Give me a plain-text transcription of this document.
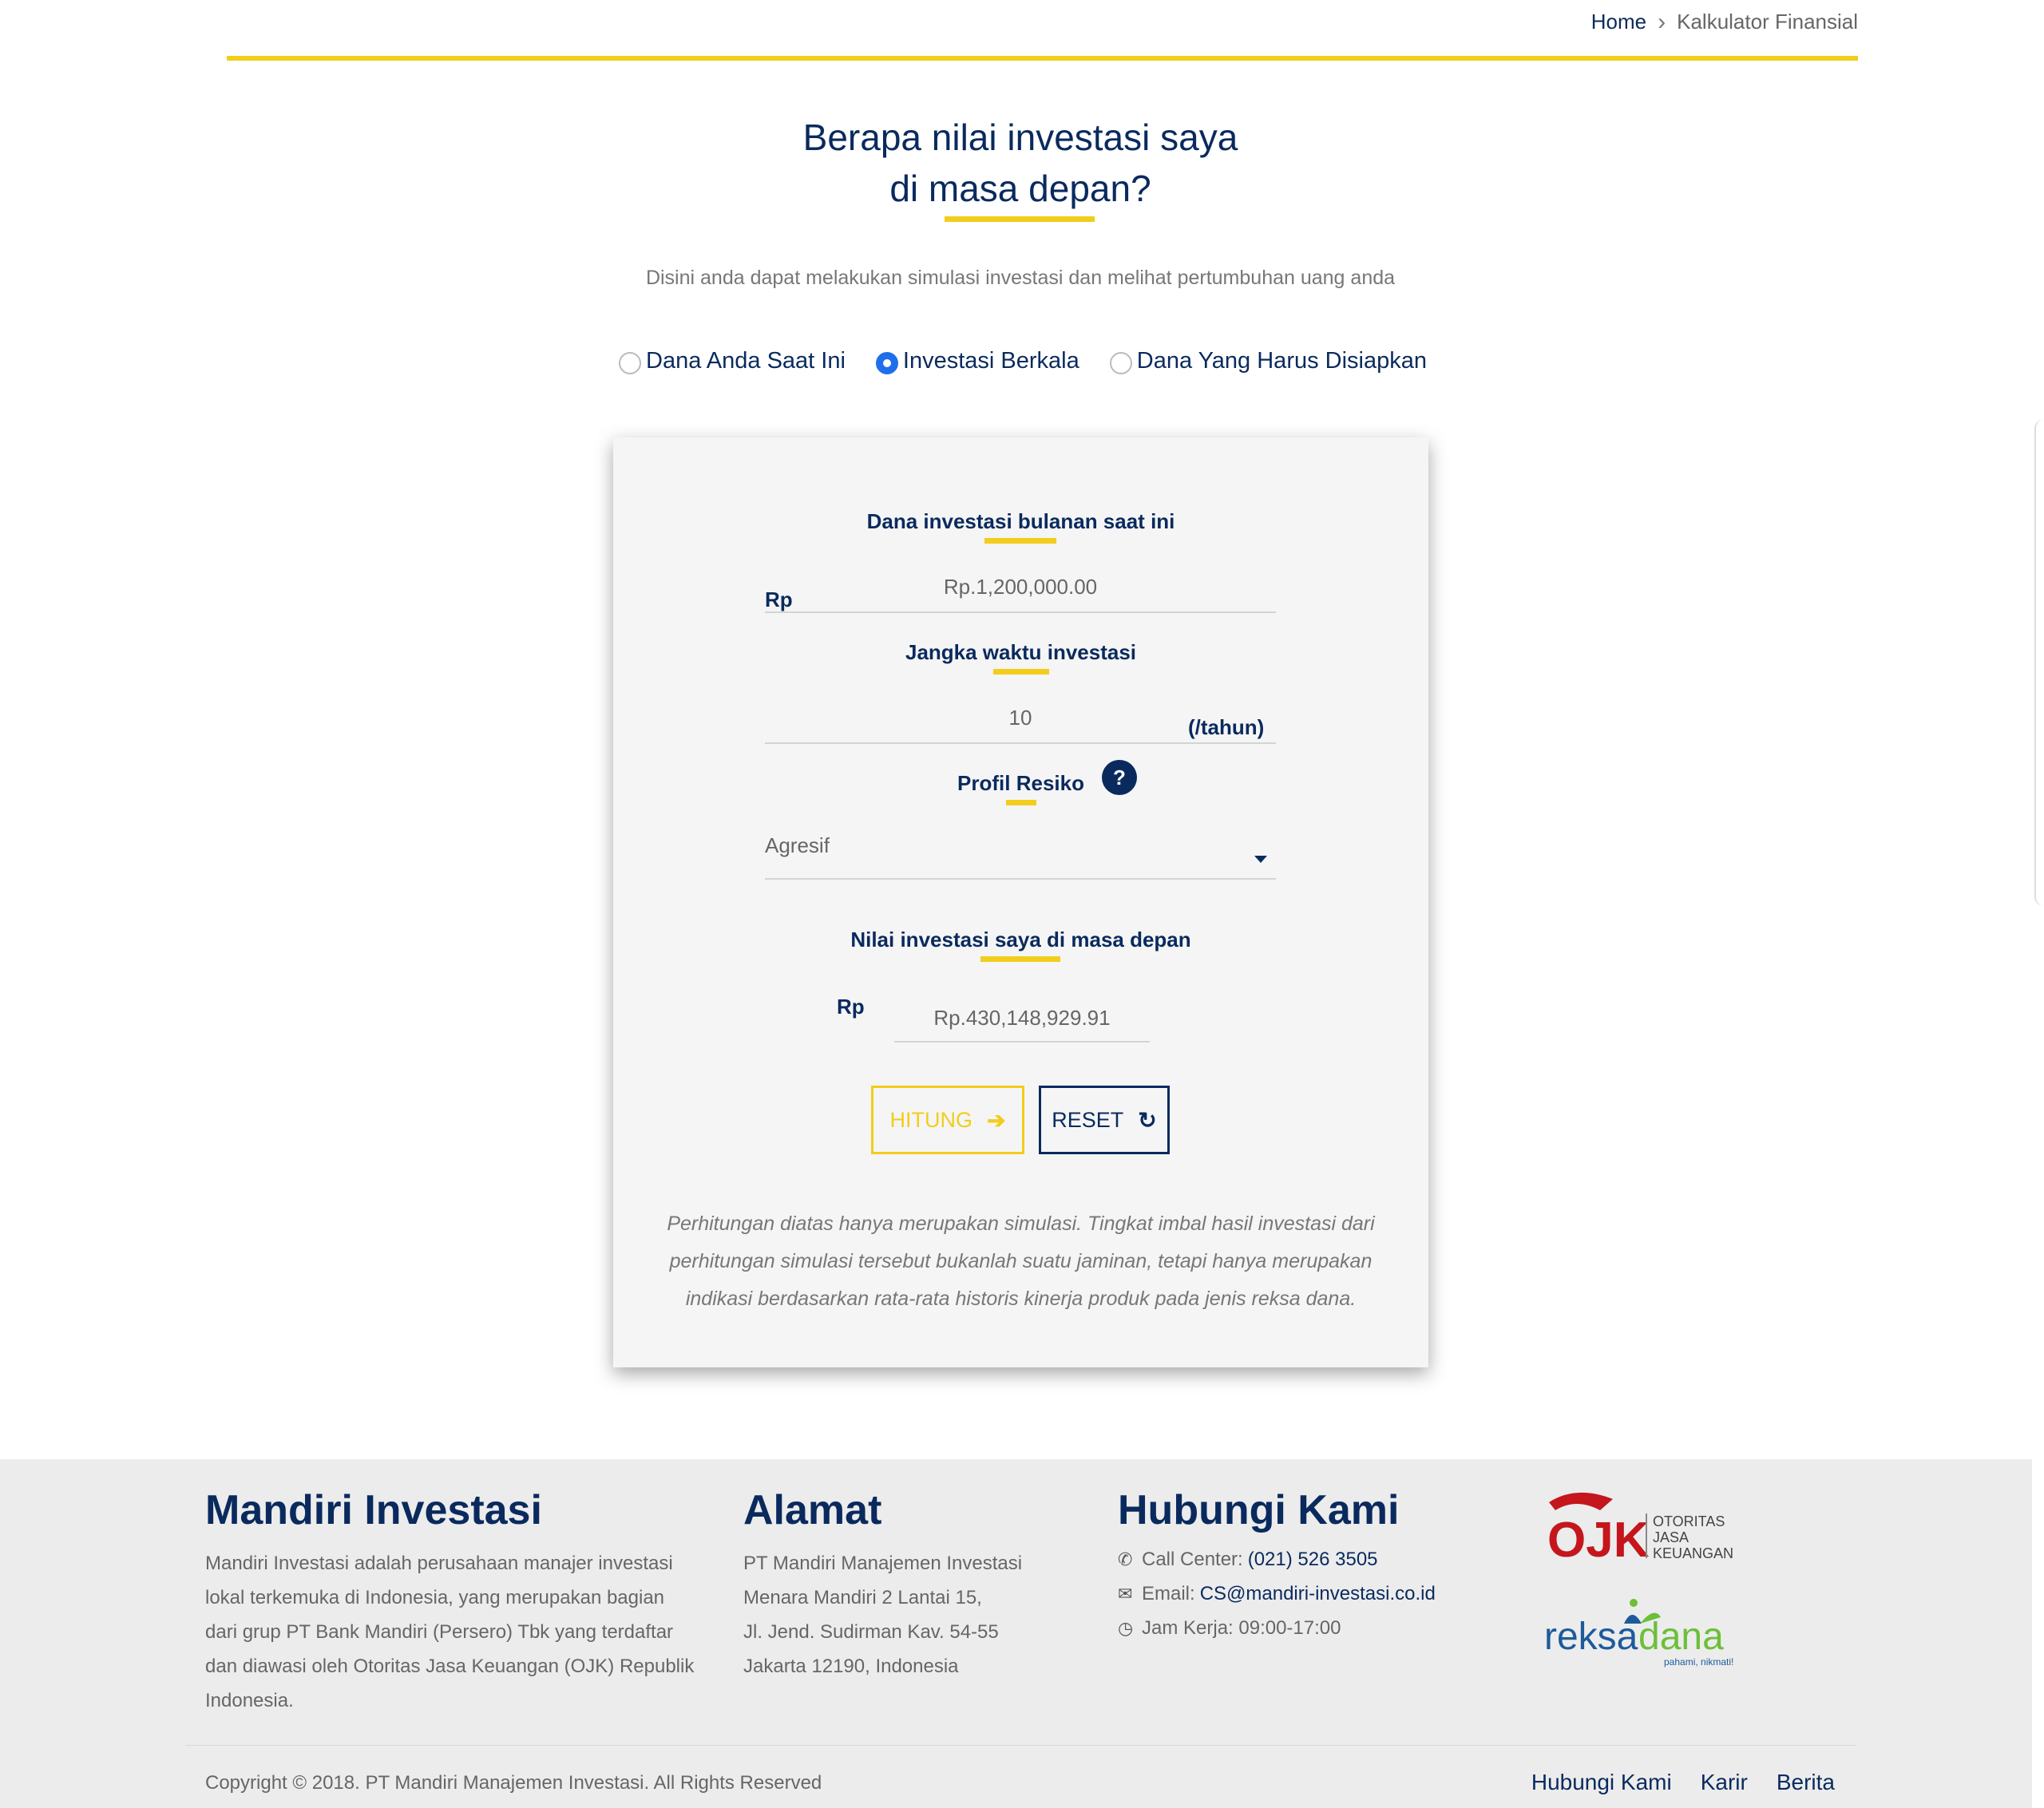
Home › Kalkulator Finansial
Berapa nilai investasi saya
di masa depan?

Disini anda dapat melakukan simulasi investasi dan melihat pertumbuhan uang anda

Dana Anda Saat Ini Investasi Berkala Dana Yang Harus Disiapkan
Dana investasi bulanan saat ini
Rp
Rp.1,200,000.00
Jangka waktu investasi
10	(/tahun)
Profil Resiko	?
Agresif
Nilai investasi saya di masa depan
Rp	Rp.430,148,929.91
HITUNG ➔ RESET ↻

Perhitungan diatas hanya merupakan simulasi. Tingkat imbal hasil investasi dari perhitungan simulasi tersebut bukanlah suatu jaminan, tetapi hanya merupakan indikasi berdasarkan rata-rata historis kinerja produk pada jenis reksa dana.

Mandiri Investasi

Mandiri Investasi adalah perusahaan manajer investasi lokal terkemuka di Indonesia, yang merupakan bagian dari grup PT Bank Mandiri (Persero) Tbk yang terdaftar dan diawasi oleh Otoritas Jasa Keuangan (OJK) Republik Indonesia.

Alamat

PT Mandiri Manajemen Investasi
Menara Mandiri 2 Lantai 15,
Jl. Jend. Sudirman Kav. 54-55
Jakarta 12190, Indonesia

Hubungi Kami
✆ Call Center: (021) 526 3505
✉ Email: CS@mandiri-investasi.co.id
◷ Jam Kerja: 09:00-17:00
OJK OTORITAS
JASA
KEUANGAN
reksa dana
pahami, nikmati!
Copyright © 2018. PT Mandiri Manajemen Investasi. All Rights Reserved	Hubungi Kami Karir Berita
